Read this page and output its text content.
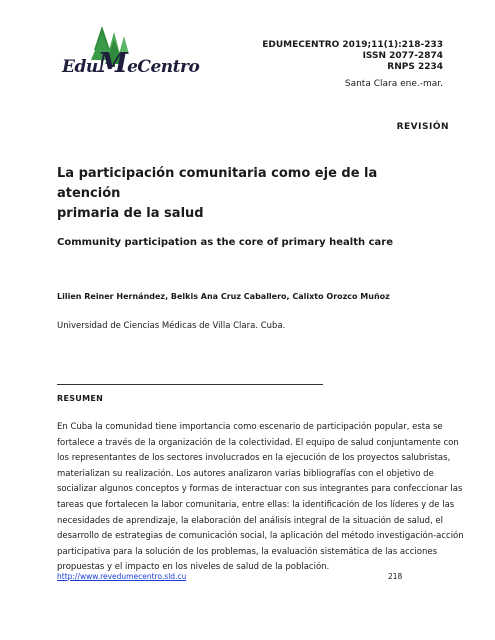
EduMeCentro
EDUMECENTRO 2019;11(1):218-233
ISSN 2077-2874
RNPS 2234
Santa Clara ene.-mar.
REVISIÓN
La participación comunitaria como eje de la atención
primaria de la salud
Community participation as the core of primary health care
Lilien Reiner Hernández, Belkis Ana Cruz Caballero, Calixto Orozco Muñoz
Universidad de Ciencias Médicas de Villa Clara. Cuba.
RESUMEN
En Cuba la comunidad tiene importancia como escenario de participación popular, esta se
fortalece a través de la organización de la colectividad. El equipo de salud conjuntamente con
los representantes de los sectores involucrados en la ejecución de los proyectos salubristas,
materializan su realización. Los autores analizaron varias bibliografías con el objetivo de
socializar algunos conceptos y formas de interactuar con sus integrantes para confeccionar las
tareas que fortalecen la labor comunitaria, entre ellas: la identificación de los líderes y de las
necesidades de aprendizaje, la elaboración del análisis integral de la situación de salud, el
desarrollo de estrategias de comunicación social, la aplicación del método investigación-acción
participativa para la solución de los problemas, la evaluación sistemática de las acciones
propuestas y el impacto en los niveles de salud de la población.
http://www.revedumecentro.sld.cu	218
